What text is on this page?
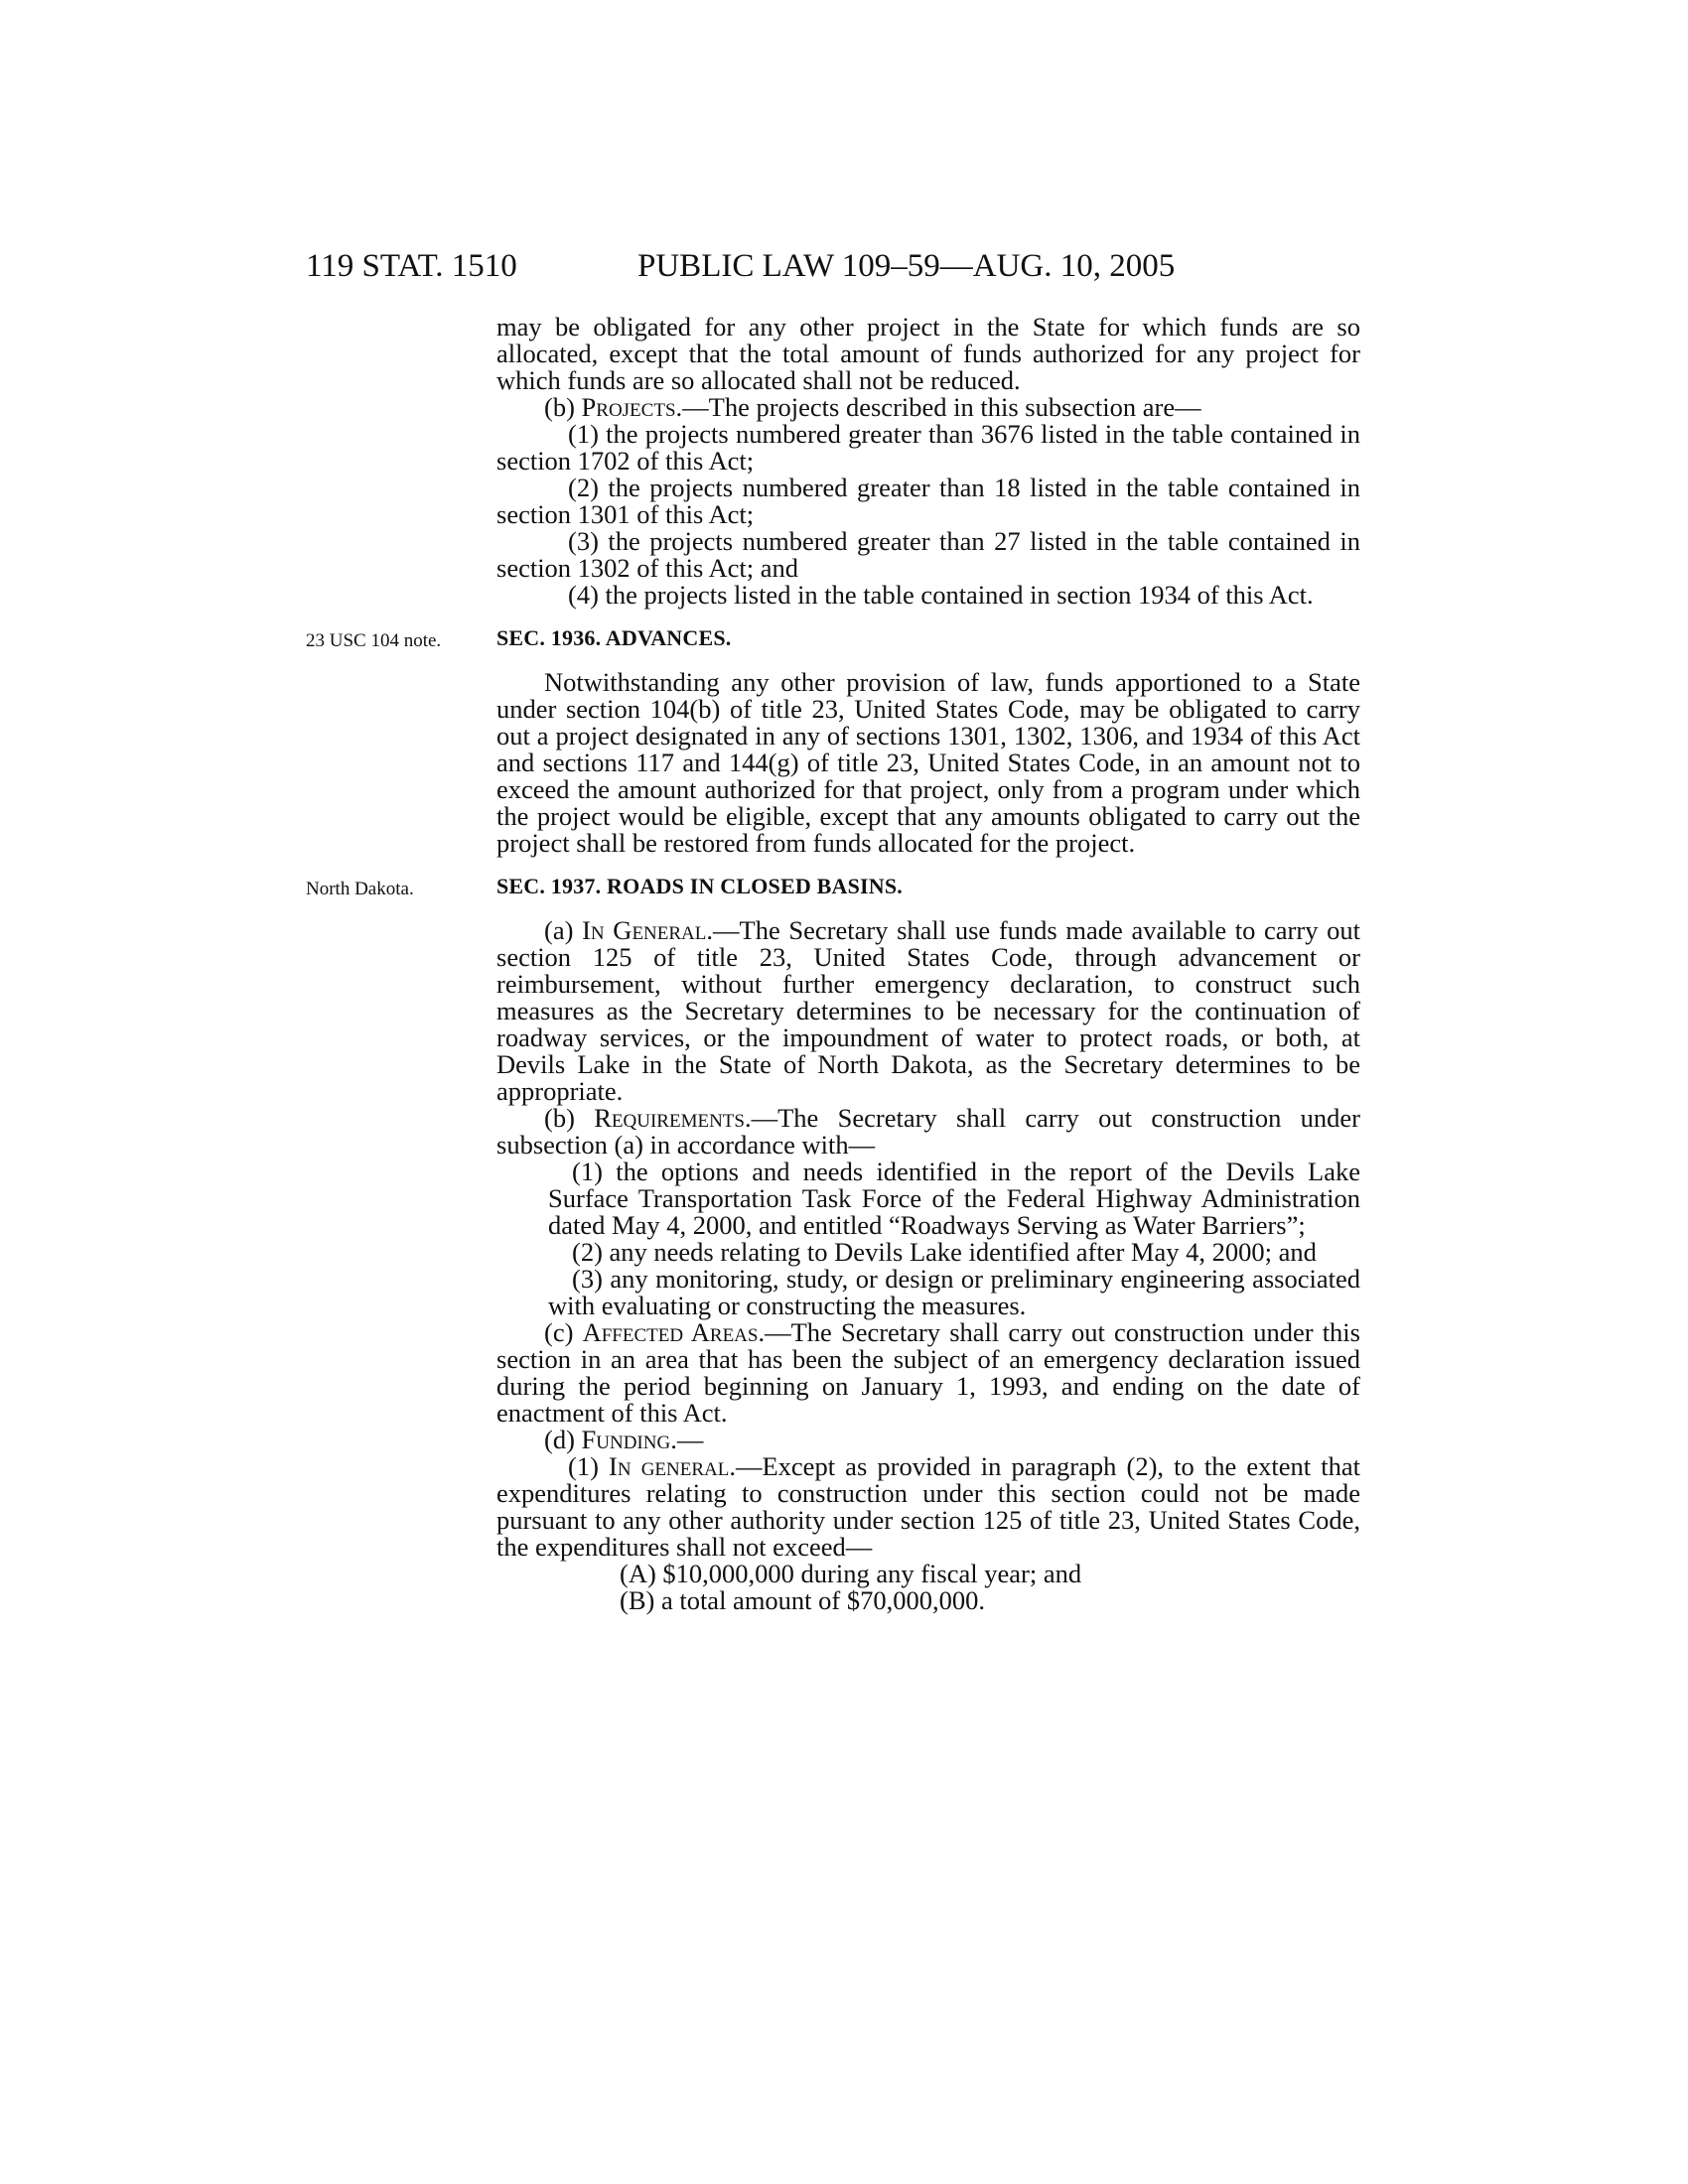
119 STAT. 1510	PUBLIC LAW 109–59—AUG. 10, 2005

may be obligated for any other project in the State for which funds are so allocated, except that the total amount of funds authorized for any project for which funds are so allocated shall not be reduced.

(b) Projects.—The projects described in this subsection are—

(1) the projects numbered greater than 3676 listed in the table contained in section 1702 of this Act;

(2) the projects numbered greater than 18 listed in the table contained in section 1301 of this Act;

(3) the projects numbered greater than 27 listed in the table contained in section 1302 of this Act; and

(4) the projects listed in the table contained in section 1934 of this Act.

23 USC 104 note.	SEC. 1936. ADVANCES.

Notwithstanding any other provision of law, funds apportioned to a State under section 104(b) of title 23, United States Code, may be obligated to carry out a project designated in any of sections 1301, 1302, 1306, and 1934 of this Act and sections 117 and 144(g) of title 23, United States Code, in an amount not to exceed the amount authorized for that project, only from a program under which the project would be eligible, except that any amounts obligated to carry out the project shall be restored from funds allocated for the project.

North Dakota.	SEC. 1937. ROADS IN CLOSED BASINS.

(a) In General.—The Secretary shall use funds made available to carry out section 125 of title 23, United States Code, through advancement or reimbursement, without further emergency declaration, to construct such measures as the Secretary determines to be necessary for the continuation of roadway services, or the impoundment of water to protect roads, or both, at Devils Lake in the State of North Dakota, as the Secretary determines to be appropriate.

(b) Requirements.—The Secretary shall carry out construction under subsection (a) in accordance with—

(1) the options and needs identified in the report of the Devils Lake Surface Transportation Task Force of the Federal Highway Administration dated May 4, 2000, and entitled “Roadways Serving as Water Barriers”;

(2) any needs relating to Devils Lake identified after May 4, 2000; and

(3) any monitoring, study, or design or preliminary engineering associated with evaluating or constructing the measures.

(c) Affected Areas.—The Secretary shall carry out construction under this section in an area that has been the subject of an emergency declaration issued during the period beginning on January 1, 1993, and ending on the date of enactment of this Act.

(d) Funding.—

(1) In general.—Except as provided in paragraph (2), to the extent that expenditures relating to construction under this section could not be made pursuant to any other authority under section 125 of title 23, United States Code, the expenditures shall not exceed—

(A) $10,000,000 during any fiscal year; and

(B) a total amount of $70,000,000.
